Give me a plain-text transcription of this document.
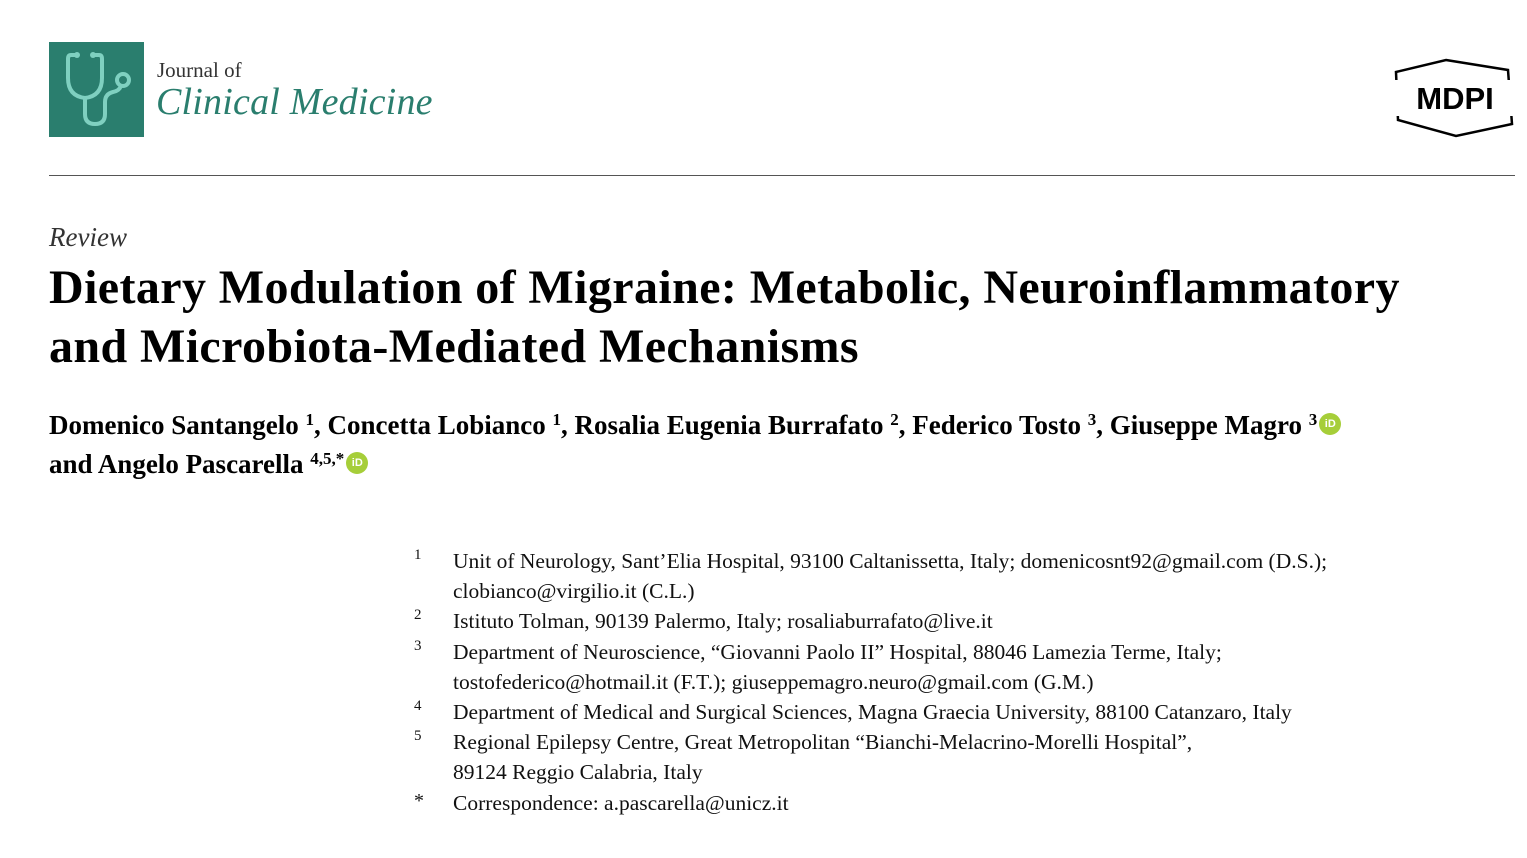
Journal of
Clinical Medicine	MDPI
Review
Dietary Modulation of Migraine: Metabolic, Neuroinflammatory
and Microbiota-Mediated Mechanisms
Domenico Santangelo $^1$, Concetta Lobianco $^1$, Rosalia Eugenia Burrafato $^2$, Federico Tosto $^3$, Giuseppe Magro $^3$ iD
and Angelo Pascarella $^{4,5,*}$ iD
1	Unit of Neurology, Sant’Elia Hospital, 93100 Caltanissetta, Italy; domenicosnt92@gmail.com (D.S.);
clobianco@virgilio.it (C.L.)
2	Istituto Tolman, 90139 Palermo, Italy; rosaliaburrafato@live.it
3	Department of Neuroscience, “Giovanni Paolo II” Hospital, 88046 Lamezia Terme, Italy;
tostofederico@hotmail.it (F.T.); giuseppemagro.neuro@gmail.com (G.M.)
4	Department of Medical and Surgical Sciences, Magna Graecia University, 88100 Catanzaro, Italy
5	Regional Epilepsy Centre, Great Metropolitan “Bianchi-Melacrino-Morelli Hospital”,
89124 Reggio Calabria, Italy
*	Correspondence: a.pascarella@unicz.it
